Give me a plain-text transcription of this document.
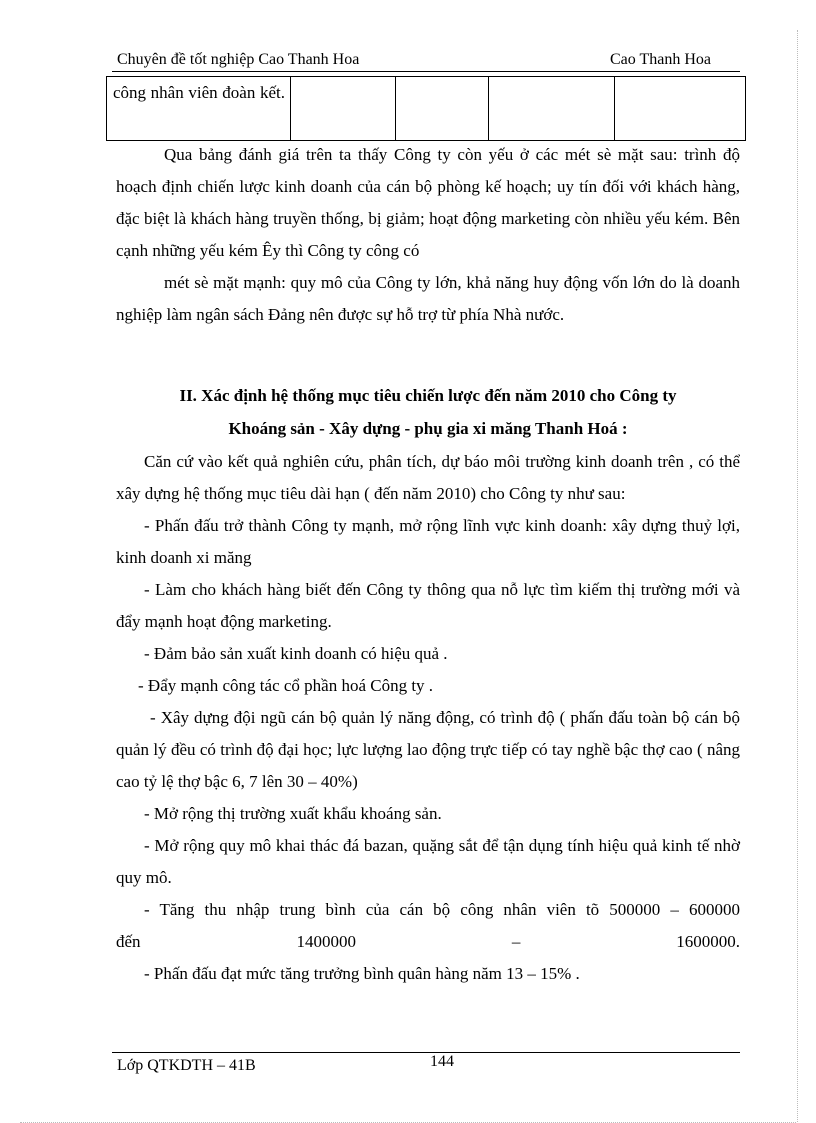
Chuyên đề tốt nghiệp Cao Thanh Hoa	Cao Thanh Hoa
công nhân viên đoàn kết.

Qua bảng đánh giá trên ta thấy Công ty còn yếu ở các mét sè mặt sau: trình độ hoạch định chiến lược kinh doanh của cán bộ phòng kế hoạch; uy tín đối với khách hàng, đặc biệt là khách hàng truyền thống, bị giảm; hoạt động marketing còn nhiều yếu kém. Bên cạnh những yếu kém Êy thì Công ty công có

mét sè mặt mạnh: quy mô của Công ty lớn, khả năng huy động vốn lớn do là doanh nghiệp làm ngân sách Đảng nên được sự hỗ trợ từ phía Nhà nước.

II. Xác định hệ thống mục tiêu chiến lược đến năm 2010 cho Công ty
Khoáng sản - Xây dựng - phụ gia xi măng Thanh Hoá :

Căn cứ vào kết quả nghiên cứu, phân tích, dự báo môi trường kinh doanh trên , có thể xây dựng hệ thống mục tiêu dài hạn ( đến năm 2010) cho Công ty như sau:

- Phấn đấu trở thành Công ty mạnh, mở rộng lĩnh vực kinh doanh: xây dựng thuỷ lợi, kinh doanh xi măng

- Làm cho khách hàng biết đến Công ty thông qua nỗ lực tìm kiếm thị trường mới và đẩy mạnh hoạt động marketing.

- Đảm bảo sản xuất kinh doanh có hiệu quả .

- Đẩy mạnh công tác cổ phần hoá Công ty .

- Xây dựng đội ngũ cán bộ quản lý năng động, có trình độ ( phấn đấu toàn bộ cán bộ quản lý đều có trình độ đại học; lực lượng lao động trực tiếp có tay nghề bậc thợ cao ( nâng cao tỷ lệ thợ bậc 6, 7 lên 30 – 40%)

- Mở rộng thị trường xuất khẩu khoáng sản.

- Mở rộng quy mô khai thác đá bazan, quặng sắt để tận dụng tính hiệu quả kinh tế nhờ quy mô.

- Tăng thu nhập trung bình của cán bộ công nhân viên tõ 500000 – 600000

đến 1400000 – 1600000.

- Phấn đấu đạt mức tăng trưởng bình quân hàng năm 13 – 15% .

Lớp QTKDTH – 41B	144
